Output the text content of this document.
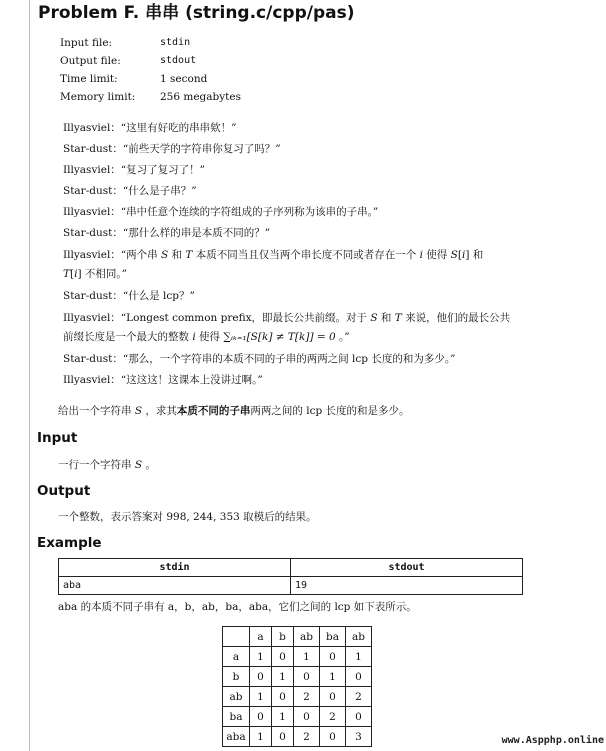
Problem F. 串串 (string.c/cpp/pas)
Input file:	stdin
Output file:	stdout
Time limit:	1 second
Memory limit:	256 megabytes
Illyasviel：“这里有好吃的串串欸！”
Star-dust：“前些天学的字符串你复习了吗？”
Illyasviel：“复习了复习了！”
Star-dust：“什么是子串？”
Illyasviel：“串中任意个连续的字符组成的子序列称为该串的子串。”
Star-dust：“那什么样的串是本质不同的？”
Illyasviel：“两个串 S 和 T 本质不同当且仅当两个串长度不同或者存在一个 i 使得 S[i] 和
T[i] 不相同。”
Star-dust：“什么是 lcp？”
Illyasviel：“Longest common prefix，即最长公共前缀。对于 S 和 T 来说，他们的最长公共
前缀长度是一个最大的整数 i 使得 ∑ᵢₖ₌₁[S[k] ≠ T[k]] = 0 。”
Star-dust：“那么，一个字符串的本质不同的子串的两两之间 lcp 长度的和为多少。”
Illyasviel：“这这这！这课本上没讲过啊。”
给出一个字符串 S ，求其本质不同的子串两两之间的 lcp 长度的和是多少。
Input
一行一个字符串 S 。
Output
一个整数，表示答案对 998, 244, 353 取模后的结果。
Example
stdin	stdout
aba	19
aba 的本质不同子串有 a，b，ab，ba，aba，它们之间的 lcp 如下表所示。
	a	b	ab	ba	ab
a	1	0	1	0	1
b	0	1	0	1	0
ab	1	0	2	0	2
ba	0	1	0	2	0
aba	1	0	2	0	3	www.Aspphp.online
